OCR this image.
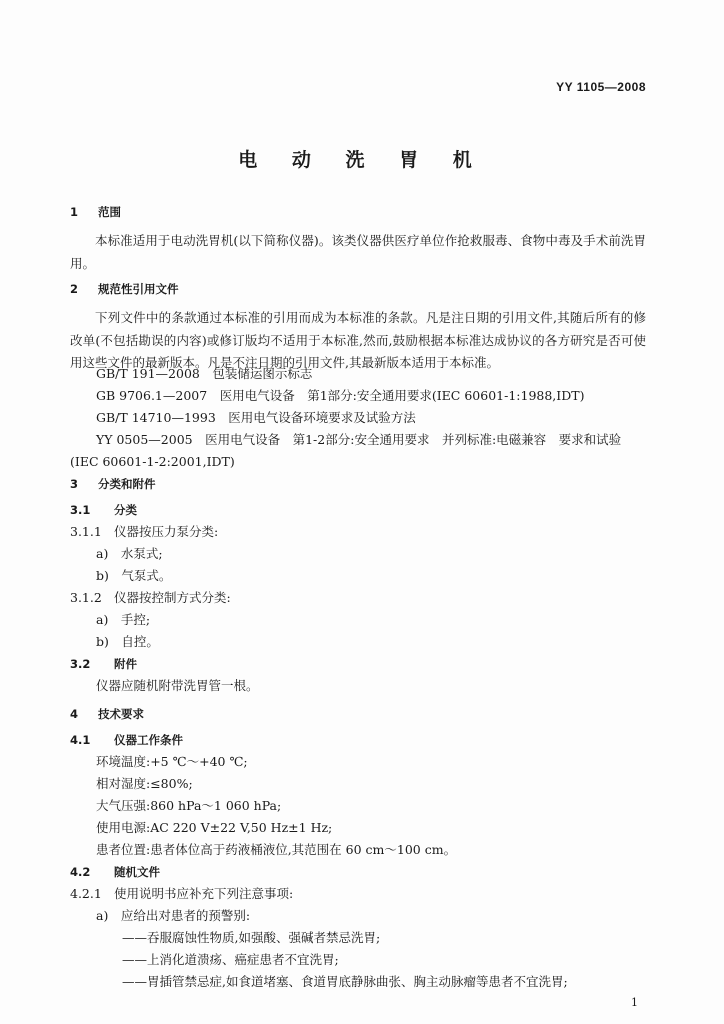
YY 1105—2008
电 动 洗 胃 机
1 范围
本标准适用于电动洗胃机(以下简称仪器)。该类仪器供医疗单位作抢救服毒、食物中毒及手术前洗胃用。
2 规范性引用文件
下列文件中的条款通过本标准的引用而成为本标准的条款。凡是注日期的引用文件,其随后所有的修改单(不包括勘误的内容)或修订版均不适用于本标准,然而,鼓励根据本标准达成协议的各方研究是否可使用这些文件的最新版本。凡是不注日期的引用文件,其最新版本适用于本标准。
GB/T 191—2008　包装储运图示标志
GB 9706.1—2007　医用电气设备　第1部分:安全通用要求(IEC 60601-1:1988,IDT)
GB/T 14710—1993　医用电气设备环境要求及试验方法
YY 0505—2005　医用电气设备　第1-2部分:安全通用要求　并列标准:电磁兼容　要求和试验
(IEC 60601-1-2:2001,IDT)
3 分类和附件
3.1 分类
3.1.1 仪器按压力泵分类:
a)　水泵式;
b)　气泵式。
3.1.2 仪器按控制方式分类:
a)　手控;
b)　自控。
3.2 附件
仪器应随机附带洗胃管一根。
4 技术要求
4.1 仪器工作条件
环境温度:+5 ℃～+40 ℃;
相对湿度:≤80%;
大气压强:860 hPa～1 060 hPa;
使用电源:AC 220 V±22 V,50 Hz±1 Hz;
患者位置:患者体位高于药液桶液位,其范围在 60 cm～100 cm。
4.2 随机文件
4.2.1 使用说明书应补充下列注意事项:
a)　应给出对患者的预警别:
——吞服腐蚀性物质,如强酸、强碱者禁忌洗胃;
——上消化道溃疡、癌症患者不宜洗胃;
——胃插管禁忌症,如食道堵塞、食道胃底静脉曲张、胸主动脉瘤等患者不宜洗胃;
1
